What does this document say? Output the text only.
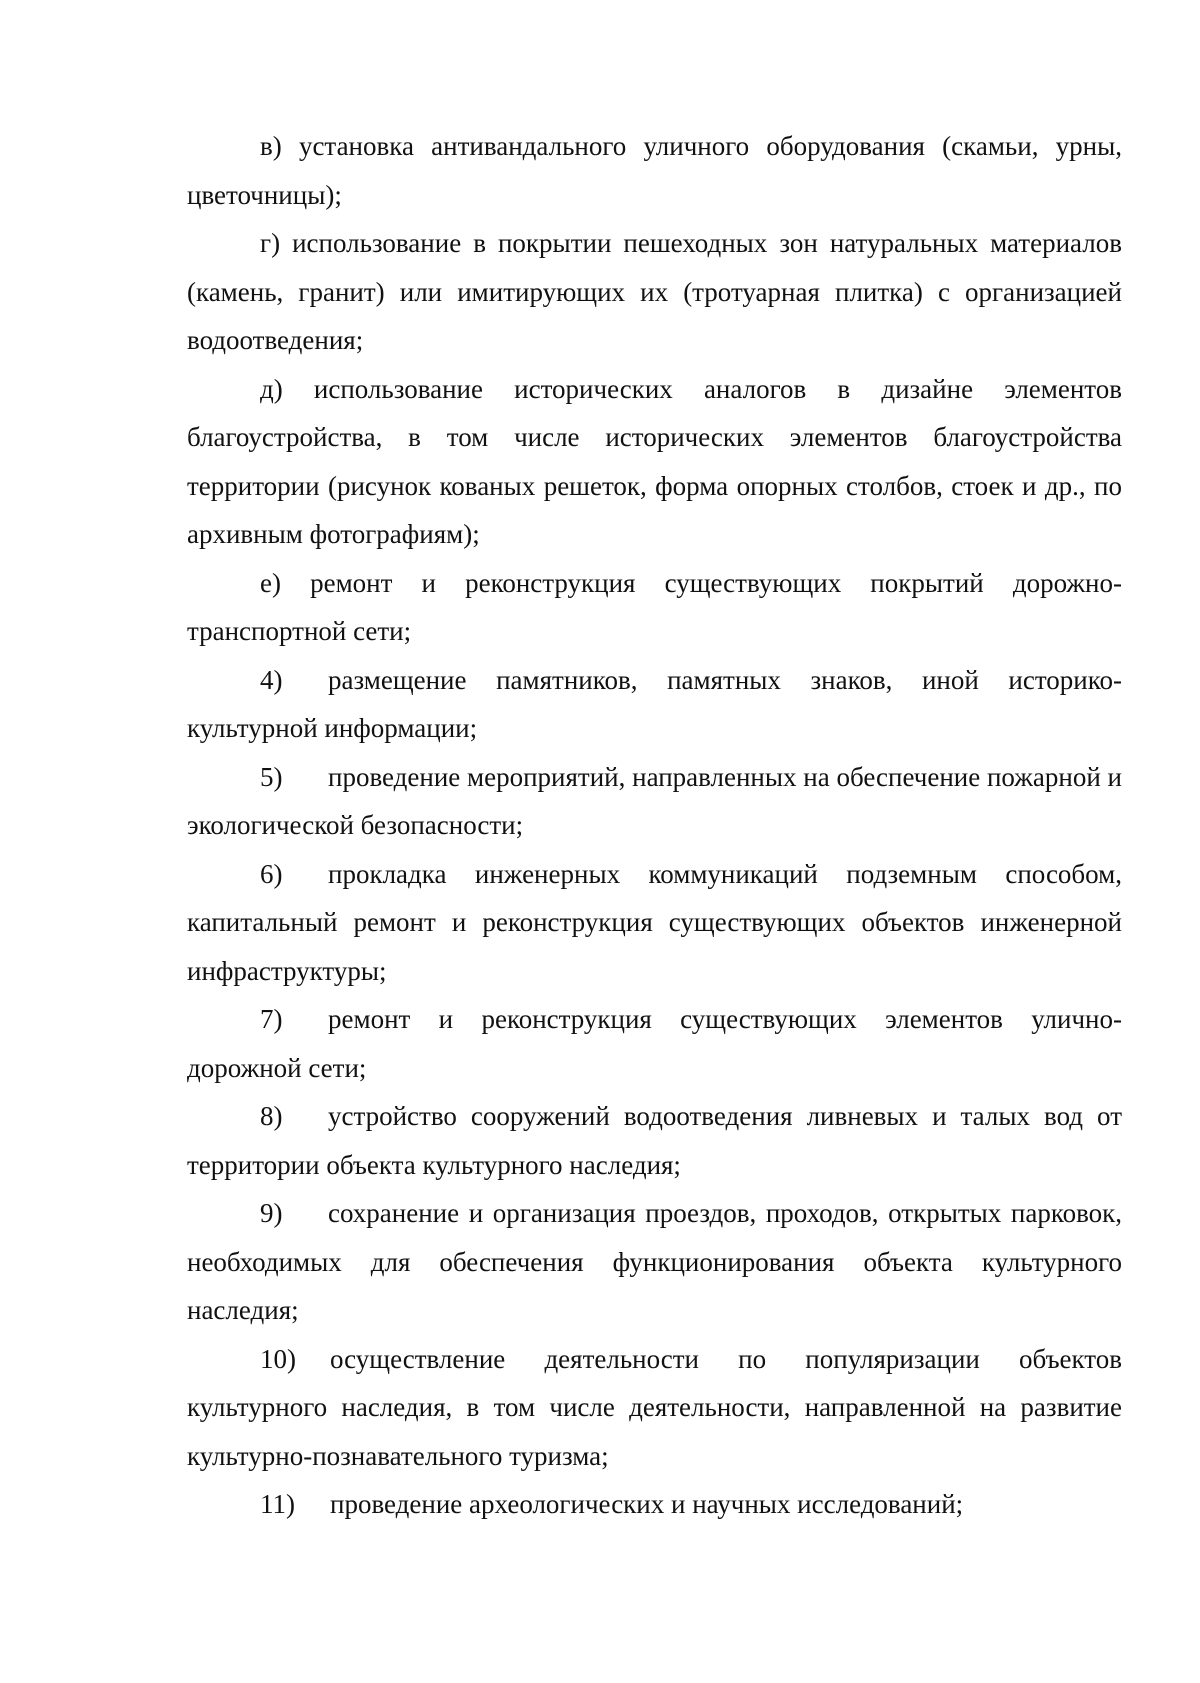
в) установка антивандального уличного оборудования (скамьи, урны, цветочницы);

г) использование в покрытии пешеходных зон натуральных материалов (камень, гранит) или имитирующих их (тротуарная плитка) с организацией водоотведения;

д) использование исторических аналогов в дизайне элементов благоустройства, в том числе исторических элементов благоустройства территории (рисунок кованых решеток, форма опорных столбов, стоек и др., по архивным фотографиям);

е) ремонт и реконструкция существующих покрытий дорожно-транспортной сети;

4) размещение памятников, памятных знаков, иной историко-культурной информации;

5) проведение мероприятий, направленных на обеспечение пожарной и экологической безопасности;

6) прокладка инженерных коммуникаций подземным способом, капитальный ремонт и реконструкция существующих объектов инженерной инфраструктуры;

7) ремонт и реконструкция существующих элементов улично-дорожной сети;

8) устройство сооружений водоотведения ливневых и талых вод от территории объекта культурного наследия;

9) сохранение и организация проездов, проходов, открытых парковок, необходимых для обеспечения функционирования объекта культурного наследия;

10) осуществление деятельности по популяризации объектов культурного наследия, в том числе деятельности, направленной на развитие культурно-познавательного туризма;

11) проведение археологических и научных исследований;
